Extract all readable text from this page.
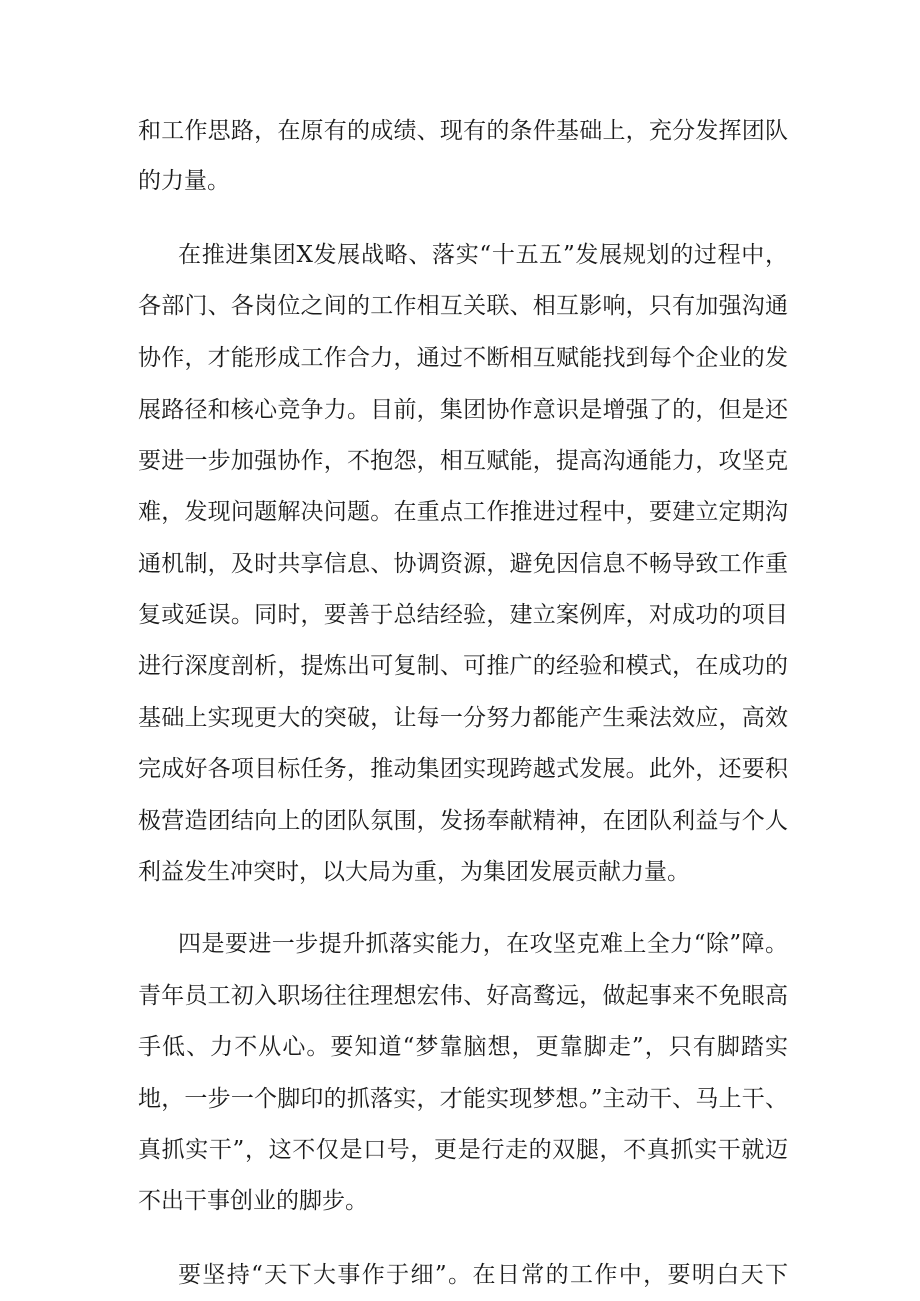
和工作思路，在原有的成绩、现有的条件基础上，充分发挥团队
的力量。
在推进集团X发展战略、落实“十五五”发展规划的过程中，
各部门、各岗位之间的工作相互关联、相互影响，只有加强沟通
协作，才能形成工作合力，通过不断相互赋能找到每个企业的发
展路径和核心竞争力。目前，集团协作意识是增强了的，但是还
要进一步加强协作，不抱怨，相互赋能，提高沟通能力，攻坚克
难，发现问题解决问题。在重点工作推进过程中，要建立定期沟
通机制，及时共享信息、协调资源，避免因信息不畅导致工作重
复或延误。同时，要善于总结经验，建立案例库，对成功的项目
进行深度剖析，提炼出可复制、可推广的经验和模式，在成功的
基础上实现更大的突破，让每一分努力都能产生乘法效应，高效
完成好各项目标任务，推动集团实现跨越式发展。此外，还要积
极营造团结向上的团队氛围，发扬奉献精神，在团队利益与个人
利益发生冲突时，以大局为重，为集团发展贡献力量。
四是要进一步提升抓落实能力，在攻坚克难上全力“除”障。
青年员工初入职场往往理想宏伟、好高鹜远，做起事来不免眼高
手低、力不从心。要知道“梦靠脑想，更靠脚走”，只有脚踏实
地，一步一个脚印的抓落实，才能实现梦想。”主动干、马上干、
真抓实干”，这不仅是口号，更是行走的双腿，不真抓实干就迈
不出干事创业的脚步。
要坚持“天下大事作于细”。在日常的工作中，要明白天下
